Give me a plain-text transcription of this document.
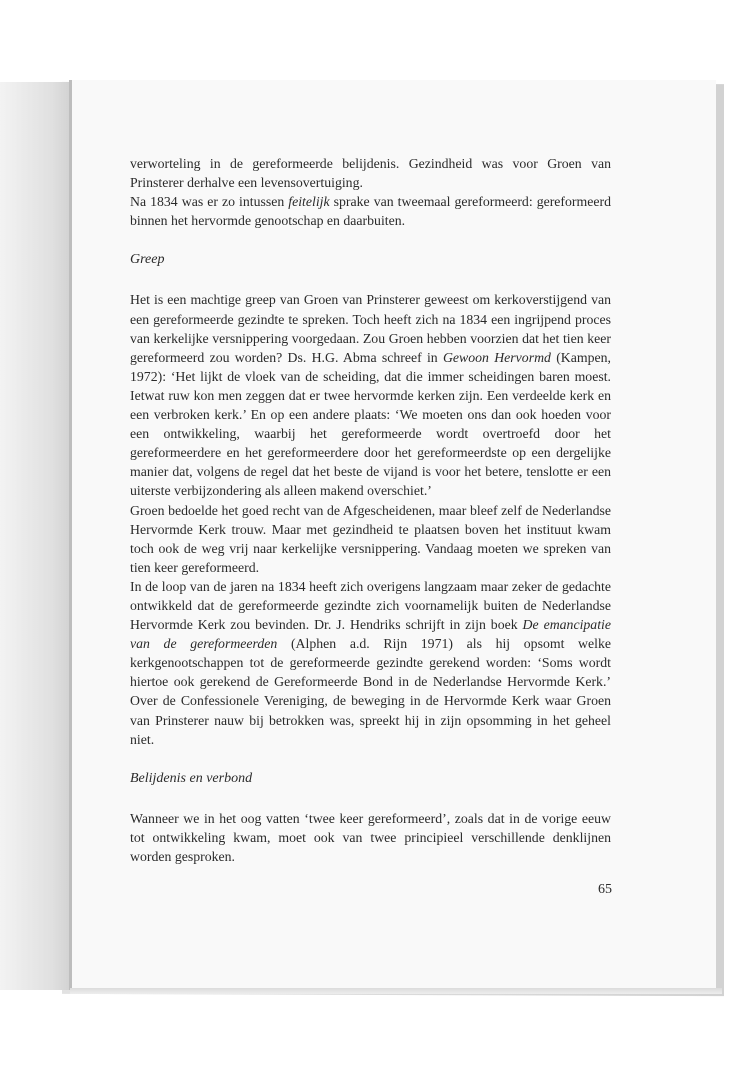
verworteling in de gereformeerde belijdenis. Gezindheid was voor Groen van Prinsterer derhalve een levensovertuiging.

Na 1834 was er zo intussen feitelijk sprake van tweemaal gereformeerd: gereformeerd binnen het hervormde genootschap en daarbuiten.

Greep

Het is een machtige greep van Groen van Prinsterer geweest om kerkoverstijgend van een gereformeerde gezindte te spreken. Toch heeft zich na 1834 een ingrijpend proces van kerkelijke versnippering voorgedaan. Zou Groen hebben voorzien dat het tien keer gereformeerd zou worden? Ds. H.G. Abma schreef in Gewoon Hervormd (Kampen, 1972): ‘Het lijkt de vloek van de scheiding, dat die immer scheidingen baren moest. Ietwat ruw kon men zeggen dat er twee hervormde kerken zijn. Een verdeelde kerk en een verbroken kerk.’ En op een andere plaats: ‘We moeten ons dan ook hoeden voor een ontwikkeling, waarbij het gereformeerde wordt overtroefd door het gereformeerdere en het gereformeerdere door het gereformeerdste op een dergelijke manier dat, volgens de regel dat het beste de vijand is voor het betere, tenslotte er een uiterste verbijzondering als alleen makend overschiet.’

Groen bedoelde het goed recht van de Afgescheidenen, maar bleef zelf de Nederlandse Hervormde Kerk trouw. Maar met gezindheid te plaatsen boven het instituut kwam toch ook de weg vrij naar kerkelijke versnippering. Vandaag moeten we spreken van tien keer gereformeerd.

In de loop van de jaren na 1834 heeft zich overigens langzaam maar zeker de gedachte ontwikkeld dat de gereformeerde gezindte zich voornamelijk buiten de Nederlandse Hervormde Kerk zou bevinden. Dr. J. Hendriks schrijft in zijn boek De emancipatie van de gereformeerden (Alphen a.d. Rijn 1971) als hij opsomt welke kerkgenootschappen tot de gereformeerde gezindte gerekend worden: ‘Soms wordt hiertoe ook gerekend de Gereformeerde Bond in de Nederlandse Hervormde Kerk.’ Over de Confessionele Vereniging, de beweging in de Hervormde Kerk waar Groen van Prinsterer nauw bij betrokken was, spreekt hij in zijn opsomming in het geheel niet.

Belijdenis en verbond

Wanneer we in het oog vatten ‘twee keer gereformeerd’, zoals dat in de vorige eeuw tot ontwikkeling kwam, moet ook van twee principieel verschillende denklijnen worden gesproken.

65
